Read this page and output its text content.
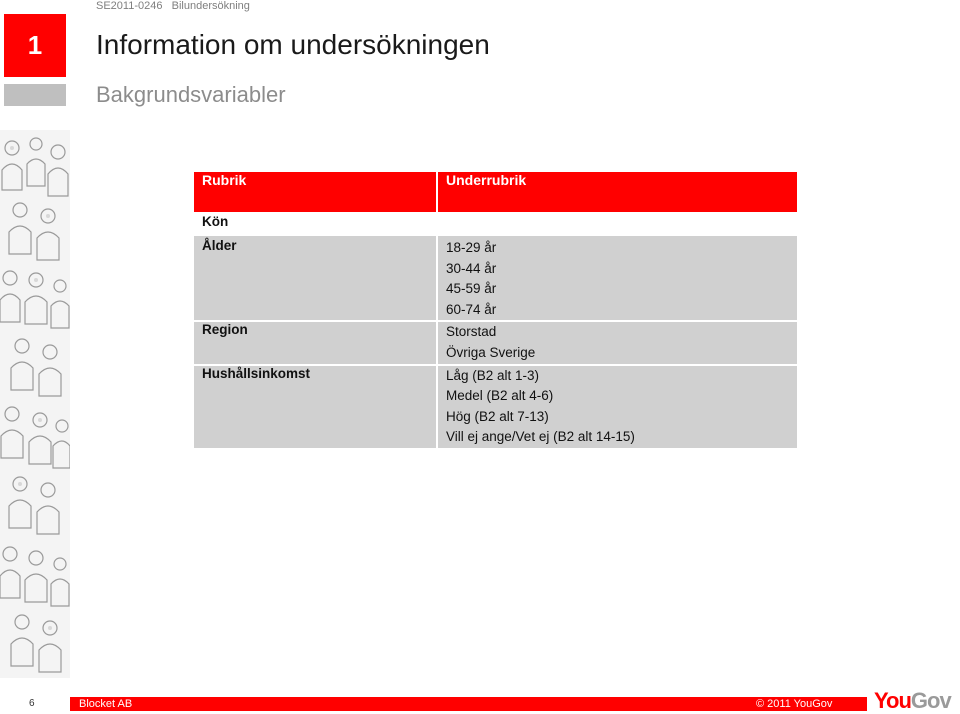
SE2011-0246 Bilundersökning
1 Information om undersökningen
Bakgrundsvariabler
Rubrik	Underrubrik
Kön	
Ålder	18-29 år
30-44 år
45-59 år
60-74 år

Region	Storstad
Övriga Sverige

Hushållsinkomst	Låg (B2 alt 1-3)
Medel (B2 alt 4-6)
Hög (B2 alt 7-13)
Vill ej ange/Vet ej (B2 alt 14-15)
6	Blocket AB	© 2011 YouGov YouGov
